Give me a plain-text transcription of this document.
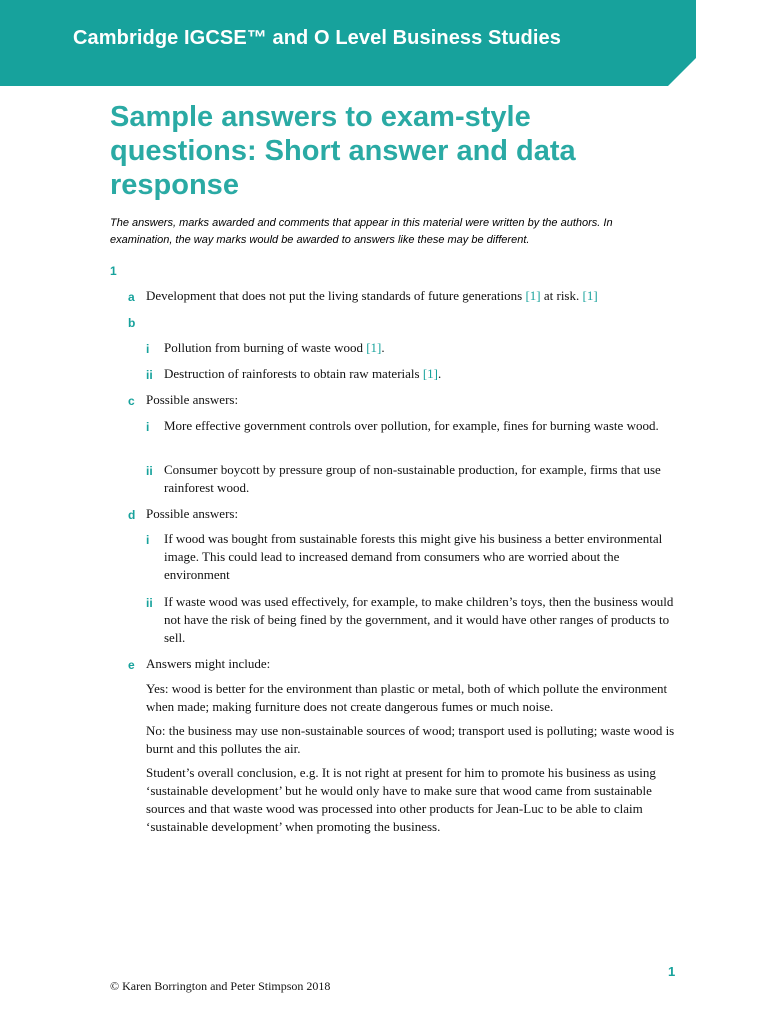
Cambridge IGCSE™ and O Level Business Studies
Sample answers to exam-style questions: Short answer and data response

The answers, marks awarded and comments that appear in this material were written by the authors. In examination, the way marks would be awarded to answers like these may be different.

1
a Development that does not put the living standards of future generations [1] at risk. [1]

b
i Pollution from burning of waste wood [1].

ii Destruction of rainforests to obtain raw materials [1].

c Possible answers:

i More effective government controls over pollution, for example, fines for burning waste wood.

ii Consumer boycott by pressure group of non-sustainable production, for example, firms that use rainforest wood.

d Possible answers:

i If wood was bought from sustainable forests this might give his business a better environmental image. This could lead to increased demand from consumers who are worried about the environment

ii If waste wood was used effectively, for example, to make children’s toys, then the business would not have the risk of being fined by the government, and it would have other ranges of products to sell.

e Answers might include:

Yes: wood is better for the environment than plastic or metal, both of which pollute the environment when made; making furniture does not create dangerous fumes or much noise.

No: the business may use non-sustainable sources of wood; transport used is polluting; waste wood is burnt and this pollutes the air.

Student’s overall conclusion, e.g. It is not right at present for him to promote his business as using ‘sustainable development’ but he would only have to make sure that wood came from sustainable sources and that waste wood was processed into other products for Jean-Luc to be able to claim ‘sustainable development’ when promoting the business.

1
© Karen Borrington and Peter Stimpson 2018
